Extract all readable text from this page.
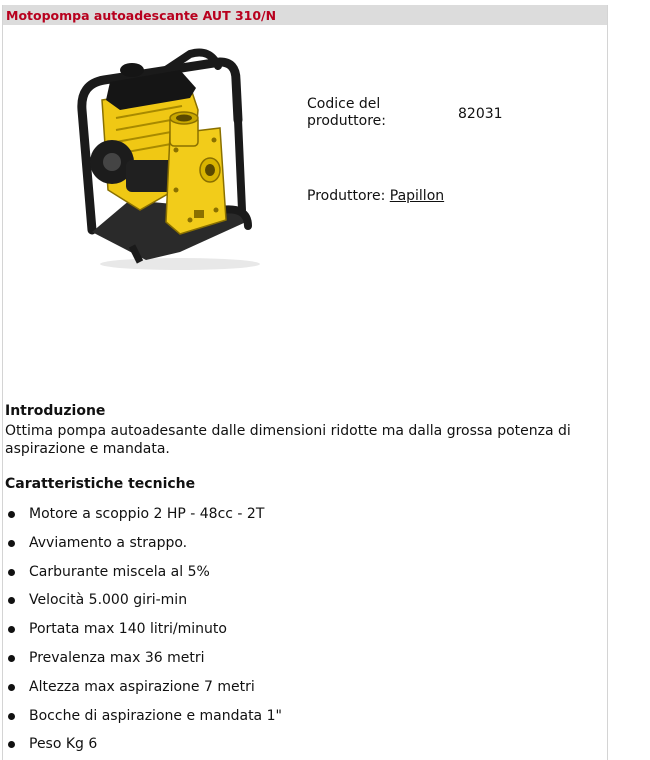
Motopompa autoadescante AUT 310/N
Codice del produttore:	82031
Produttore: Papillon
Introduzione
Ottima pompa autoadesante dalle dimensioni ridotte ma dalla grossa potenza di aspirazione e mandata.
Caratteristiche tecniche
Motore a scoppio 2 HP - 48cc - 2T
Avviamento a strappo.
Carburante miscela al 5%
Velocità 5.000 giri-min
Portata max 140 litri/minuto
Prevalenza max 36 metri
Altezza max aspirazione 7 metri
Bocche di aspirazione e mandata 1"
Peso Kg 6
